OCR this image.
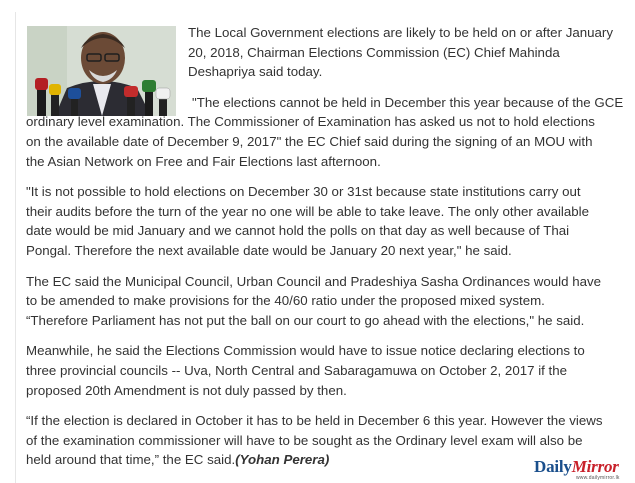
The Local Government elections are likely to be held on or after January
20, 2018, Chairman Elections Commission (EC) Chief Mahinda
Deshapriya said today.

"The elections cannot be held in December this year because of the GCE
ordinary level examination. The Commissioner of Examination has asked us not to hold elections
on the available date of December 9, 2017" the EC Chief said during the signing of an MOU with
the Asian Network on Free and Fair Elections last afternoon.

"It is not possible to hold elections on December 30 or 31st because state institutions carry out
their audits before the turn of the year no one will be able to take leave. The only other available
date would be mid January and we cannot hold the polls on that day as well because of Thai
Pongal. Therefore the next available date would be January 20 next year," he said.

The EC said the Municipal Council, Urban Council and Pradeshiya Sasha Ordinances would have
to be amended to make provisions for the 40/60 ratio under the proposed mixed system.
“Therefore Parliament has not put the ball on our court to go ahead with the elections," he said.

Meanwhile, he said the Elections Commission would have to issue notice declaring elections to
three provincial councils -- Uva, North Central and Sabaragamuwa on October 2, 2017 if the
proposed 20th Amendment is not duly passed by then.

“If the election is declared in October it has to be held in December 6 this year. However the views
of the examination commissioner will have to be sought as the Ordinary level exam will also be
held around that time,” the EC said.(Yohan Perera)	DailyMirror
www.dailymirror.lk
